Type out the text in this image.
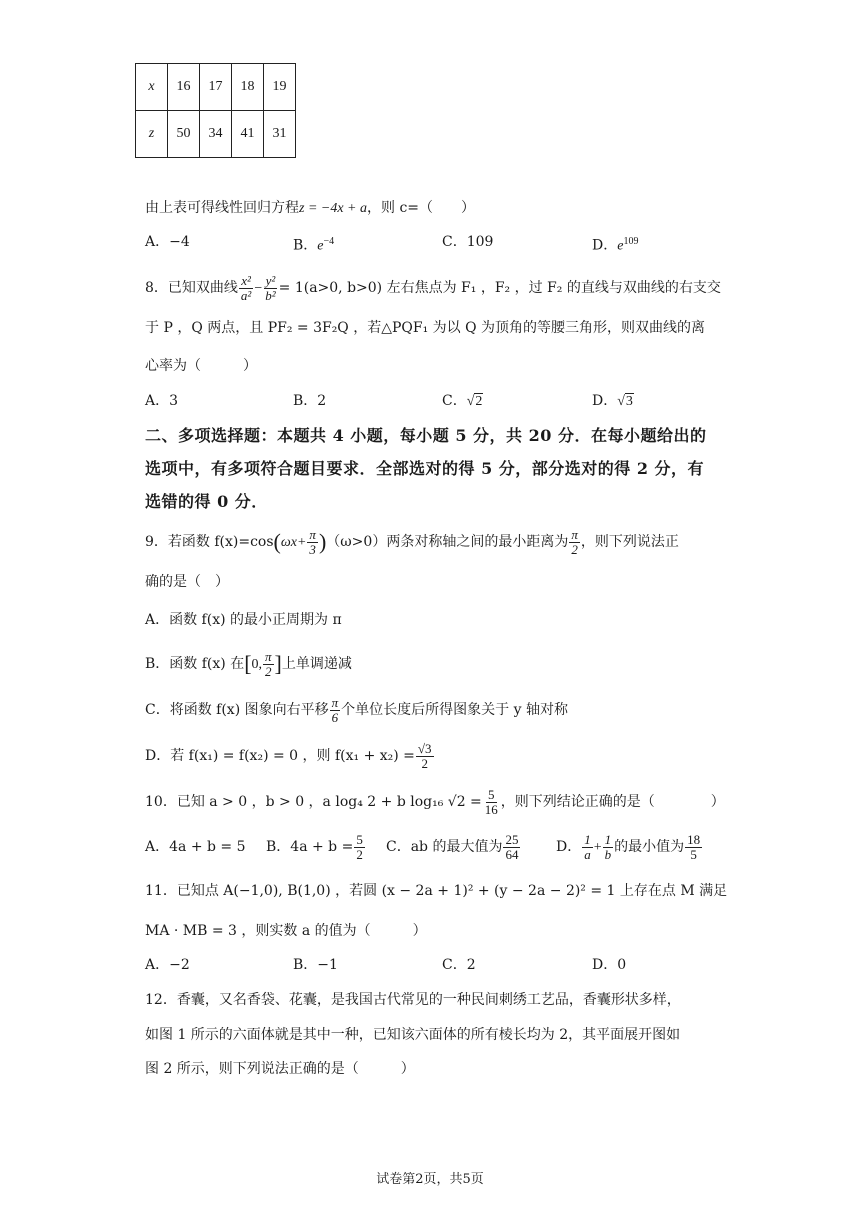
x	16	17	18	19
z	50	34	41	31
由上表可得线性回归方程z = −4x + a，则 c=（　　）
A．−4	B．$e^{-4}$	C．109	D．$e^{109}$
8．已知双曲线 $\frac{\text{x²}}{\text{a²}} - \frac{\text{y²}}{\text{b²}} = 1(a>0$, b>0) 左右焦点为 F₁ ，F₂ ，过 F₂ 的直线与双曲线的右支交
于 P ，Q 两点，且 PF₂ = 3F₂Q ，若△PQF₁ 为以 Q 为顶角的等腰三角形，则双曲线的离
心率为（　　　）
A．3	B．2	C．√2	D．√3
二、多项选择题：本题共 4 小题，每小题 5 分，共 20 分．在每小题给出的
选项中，有多项符合题目要求．全部选对的得 5 分，部分选对的得 2 分，有
选错的得 0 分．
9．若函数 $f(x)=\cos(\omega x+ \frac{\pi}{3} )(\omega>0)$两条对称轴之间的最小距离为 $\frac{\pi}{2}$ ，则下列说法正
确的是（　）
A．函数 f(x) 的最小正周期为 π
B．函数 f(x) 在[0, $\frac{\pi}{2}$ ]上单调递减
C．将函数 f(x) 图象向右平移 $\frac{\pi}{6}$ 个单位长度后所得图象关于 y 轴对称
D．若 f(x₁) = f(x₂) = 0 ，则 $f(x_1 + x_2) = \frac{√3}{2}$
10．已知 a > 0 ，b > 0 ，a log₄ 2 + b log₁₆ $√2 = \frac{5}{16}$ ，则下列结论正确的是（　　　　）
A．4a + b = 5 B．$4a + b = \frac{5}{2}$ C．ab 的最大值为 $\frac{25}{64}$	D． $\frac{1}{a} + \frac{1}{b}$ 的最小值为 $\frac{18}{5}$
11．已知点 A(−1,0), B(1,0) ，若圆 (x − 2a + 1)² + (y − 2a − 2)² = 1 上存在点 M 满足
MA · MB = 3 ，则实数 a 的值为（　　　）
A．−2	B．−1	C．2	D．0
12．香囊，又名香袋、花囊，是我国古代常见的一种民间刺绣工艺品，香囊形状多样，
如图 1 所示的六面体就是其中一种，已知该六面体的所有棱长均为 2，其平面展开图如
图 2 所示，则下列说法正确的是（　　　）
试卷第2页，共5页
